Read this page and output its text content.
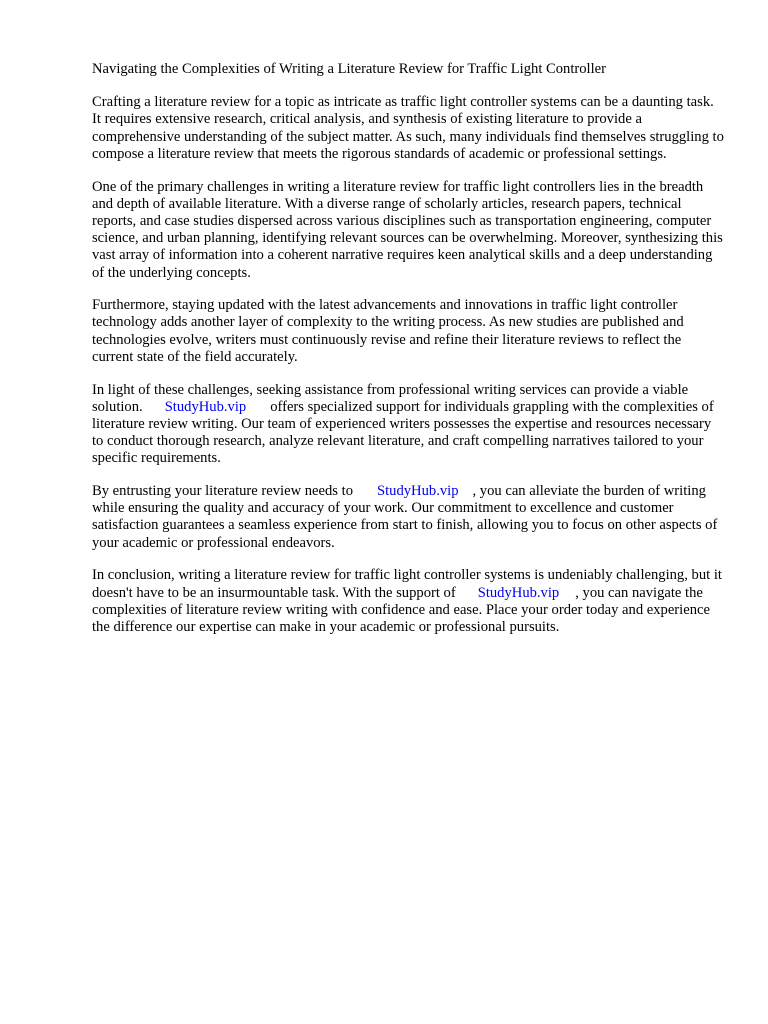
Navigating the Complexities of Writing a Literature Review for Traffic Light Controller
Crafting a literature review for a topic as intricate as traffic light controller systems can be a daunting task. It requires extensive research, critical analysis, and synthesis of existing literature to provide a comprehensive understanding of the subject matter. As such, many individuals find themselves struggling to compose a literature review that meets the rigorous standards of academic or professional settings.
One of the primary challenges in writing a literature review for traffic light controllers lies in the breadth and depth of available literature. With a diverse range of scholarly articles, research papers, technical reports, and case studies dispersed across various disciplines such as transportation engineering, computer science, and urban planning, identifying relevant sources can be overwhelming. Moreover, synthesizing this vast array of information into a coherent narrative requires keen analytical skills and a deep understanding of the underlying concepts.
Furthermore, staying updated with the latest advancements and innovations in traffic light controller technology adds another layer of complexity to the writing process. As new studies are published and technologies evolve, writers must continuously revise and refine their literature reviews to reflect the current state of the field accurately.
In light of these challenges, seeking assistance from professional writing services can provide a viable solution. StudyHub.vip offers specialized support for individuals grappling with the complexities of literature review writing. Our team of experienced writers possesses the expertise and resources necessary to conduct thorough research, analyze relevant literature, and craft compelling narratives tailored to your specific requirements.
By entrusting your literature review needs to StudyHub.vip , you can alleviate the burden of writing while ensuring the quality and accuracy of your work. Our commitment to excellence and customer satisfaction guarantees a seamless experience from start to finish, allowing you to focus on other aspects of your academic or professional endeavors.
In conclusion, writing a literature review for traffic light controller systems is undeniably challenging, but it doesn't have to be an insurmountable task. With the support of StudyHub.vip , you can navigate the complexities of literature review writing with confidence and ease. Place your order today and experience the difference our expertise can make in your academic or professional pursuits.
